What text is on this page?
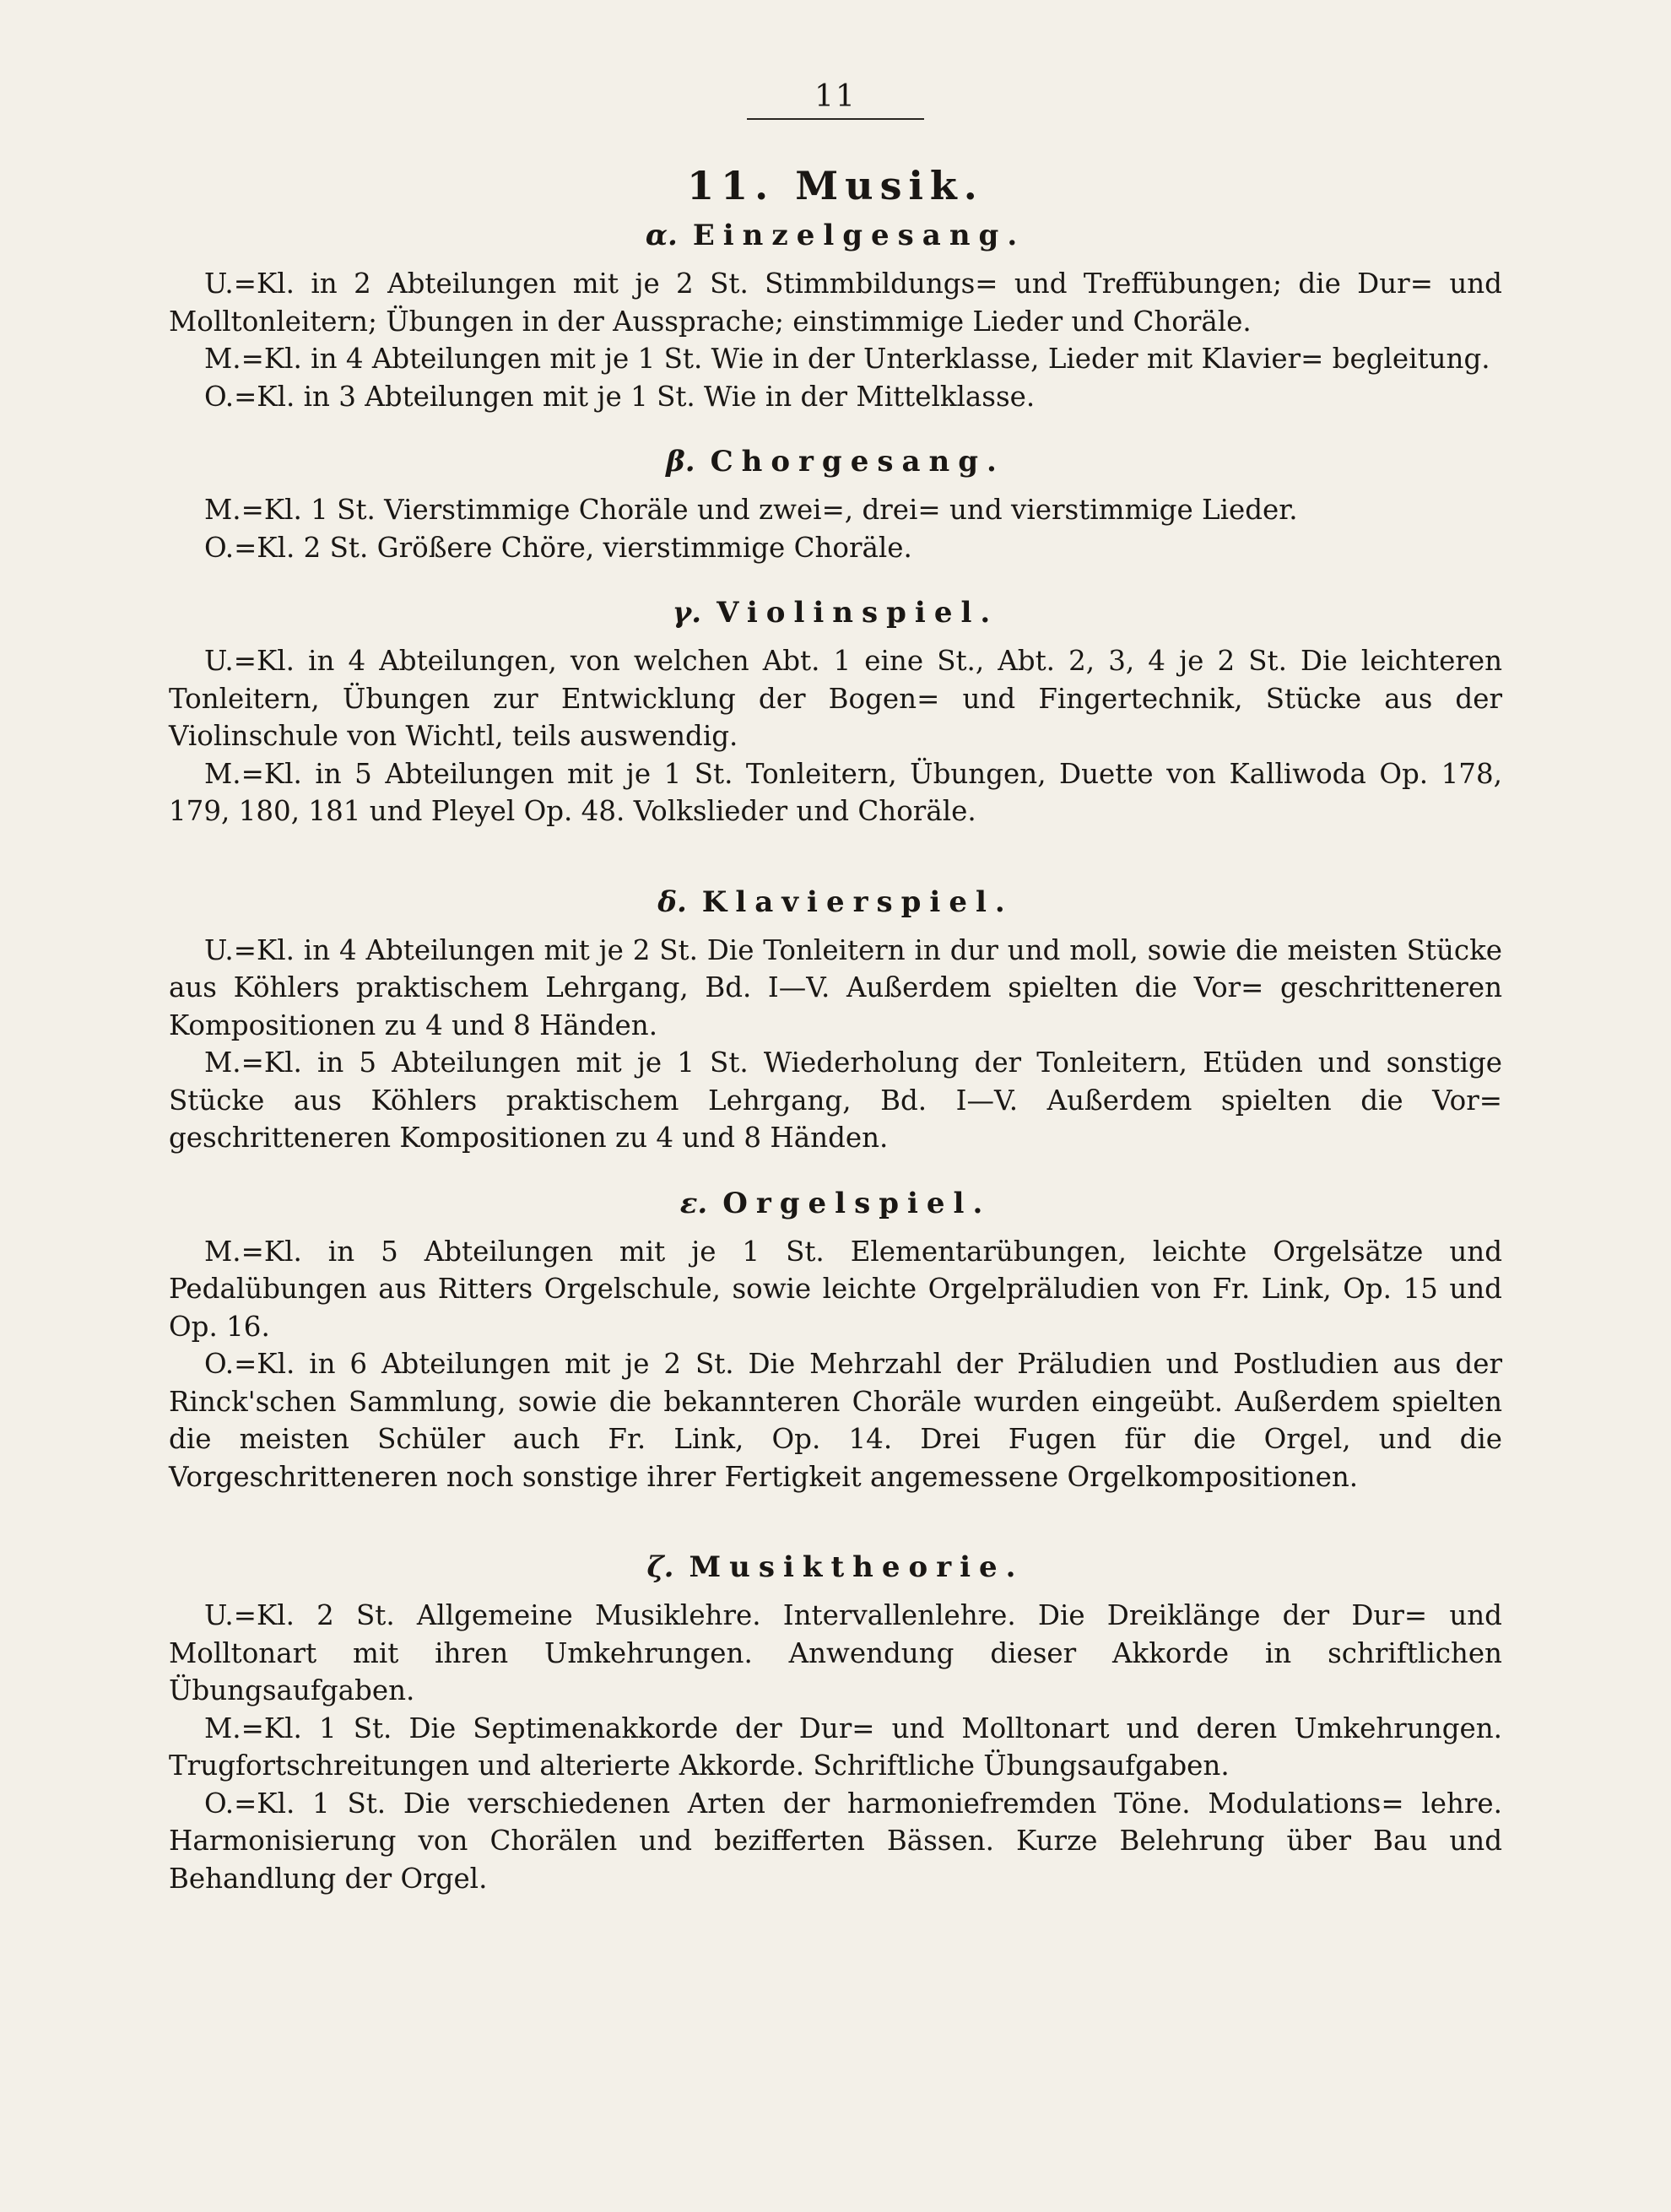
11

11. Musik.
α. Einzelgesang.

U.=Kl. in 2 Abteilungen mit je 2 St. Stimmbildungs= und Treffübungen; die Dur= und Molltonleitern; Übungen in der Aussprache; einstimmige Lieder und Choräle.

M.=Kl. in 4 Abteilungen mit je 1 St. Wie in der Unterklasse, Lieder mit Klavier= begleitung.

O.=Kl. in 3 Abteilungen mit je 1 St. Wie in der Mittelklasse.

β. Chorgesang.

M.=Kl. 1 St. Vierstimmige Choräle und zwei=, drei= und vierstimmige Lieder.

O.=Kl. 2 St. Größere Chöre, vierstimmige Choräle.

γ. Violinspiel.

U.=Kl. in 4 Abteilungen, von welchen Abt. 1 eine St., Abt. 2, 3, 4 je 2 St. Die leichteren Tonleitern, Übungen zur Entwicklung der Bogen= und Fingertechnik, Stücke aus der Violinschule von Wichtl, teils auswendig.

M.=Kl. in 5 Abteilungen mit je 1 St. Tonleitern, Übungen, Duette von Kalliwoda Op. 178, 179, 180, 181 und Pleyel Op. 48. Volkslieder und Choräle.

δ. Klavierspiel.

U.=Kl. in 4 Abteilungen mit je 2 St. Die Tonleitern in dur und moll, sowie die meisten Stücke aus Köhlers praktischem Lehrgang, Bd. I—V. Außerdem spielten die Vor= geschritteneren Kompositionen zu 4 und 8 Händen.

M.=Kl. in 5 Abteilungen mit je 1 St. Wiederholung der Tonleitern, Etüden und sonstige Stücke aus Köhlers praktischem Lehrgang, Bd. I—V. Außerdem spielten die Vor= geschritteneren Kompositionen zu 4 und 8 Händen.

ε. Orgelspiel.

M.=Kl. in 5 Abteilungen mit je 1 St. Elementarübungen, leichte Orgelsätze und Pedalübungen aus Ritters Orgelschule, sowie leichte Orgelpräludien von Fr. Link, Op. 15 und Op. 16.

O.=Kl. in 6 Abteilungen mit je 2 St. Die Mehrzahl der Präludien und Postludien aus der Rinck'schen Sammlung, sowie die bekannteren Choräle wurden eingeübt. Außerdem spielten die meisten Schüler auch Fr. Link, Op. 14. Drei Fugen für die Orgel, und die Vorgeschritteneren noch sonstige ihrer Fertigkeit angemessene Orgelkompositionen.

ζ. Musiktheorie.

U.=Kl. 2 St. Allgemeine Musiklehre. Intervallenlehre. Die Dreiklänge der Dur= und Molltonart mit ihren Umkehrungen. Anwendung dieser Akkorde in schriftlichen Übungsaufgaben.

M.=Kl. 1 St. Die Septimenakkorde der Dur= und Molltonart und deren Umkehrungen. Trugfortschreitungen und alterierte Akkorde. Schriftliche Übungsaufgaben.

O.=Kl. 1 St. Die verschiedenen Arten der harmoniefremden Töne. Modulations= lehre. Harmonisierung von Chorälen und bezifferten Bässen. Kurze Belehrung über Bau und Behandlung der Orgel.
